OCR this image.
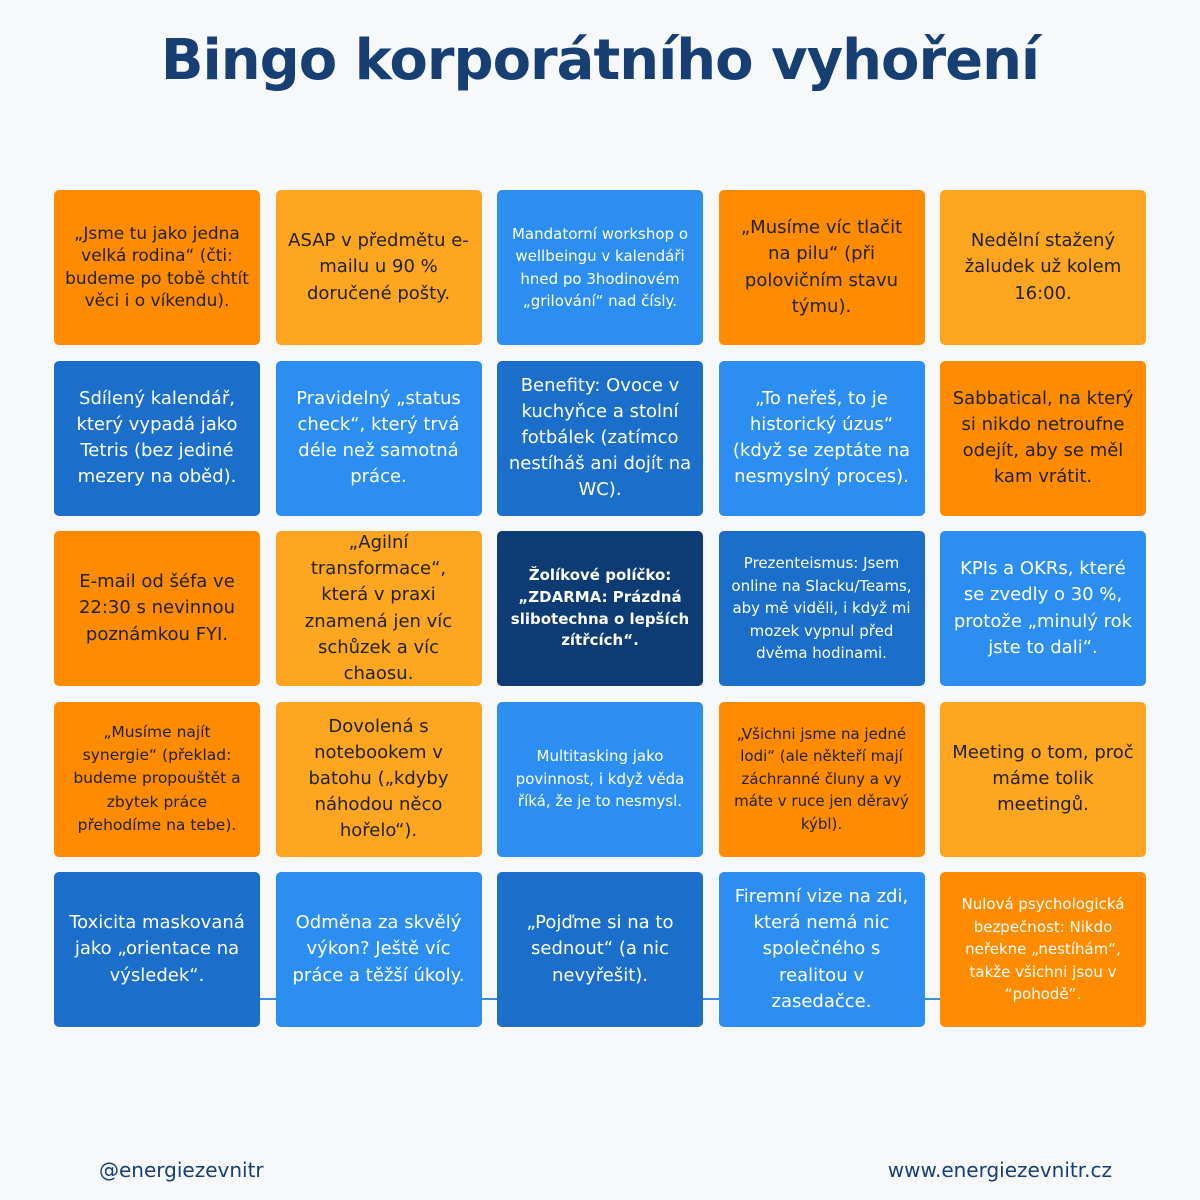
Bingo korporátního vyhoření
„Jsme tu jako jedna velká rodina“ (čti: budeme po tobě chtít věci i o víkendu).
ASAP v předmětu e-mailu u 90 % doručené pošty.
Mandatorní workshop o wellbeingu v kalendáři hned po 3hodinovém „grilování“ nad čísly.
„Musíme víc tlačit na pilu“ (při polovičním stavu týmu).
Nedělní stažený žaludek už kolem 16:00.
Sdílený kalendář, který vypadá jako Tetris (bez jediné mezery na oběd).
Pravidelný „status check“, který trvá déle než samotná práce.
Benefity: Ovoce v kuchyňce a stolní fotbálek (zatímco nestíháš ani dojít na WC).
„To neřeš, to je historický úzus“ (když se zeptáte na nesmyslný proces).
Sabbatical, na který si nikdo netroufne odejít, aby se měl kam vrátit.
E-mail od šéfa ve 22:30 s nevinnou poznámkou FYI.
„Agilní transformace“, která v praxi znamená jen víc schůzek a víc chaosu.
Žolíkové políčko: „ZDARMA: Prázdná slibotechna o lepších zítřcích“.
Prezenteismus: Jsem online na Slacku/Teams, aby mě viděli, i když mi mozek vypnul před dvěma hodinami.
KPIs a OKRs, které se zvedly o 30 %, protože „minulý rok jste to dali“.
„Musíme najít synergie“ (překlad: budeme propouštět a zbytek práce přehodíme na tebe).
Dovolená s notebookem v batohu („kdyby náhodou něco hořelo“).
Multitasking jako povinnost, i když věda říká, že je to nesmysl.
„Všichni jsme na jedné lodi“ (ale někteří mají záchranné čluny a vy máte v ruce jen děravý kýbl).
Meeting o tom, proč máme tolik meetingů.
Toxicita maskovaná jako „orientace na výsledek“.
Odměna za skvělý výkon? Ještě víc práce a těžší úkoly.
„Pojďme si na to sednout“ (a nic nevyřešit).
Firemní vize na zdi, která nemá nic společného s realitou v zasedačce.
Nulová psychologická bezpečnost: Nikdo neřekne „nestíhám“, takže všichni jsou v “pohodě”.
@energiezevnitr	www.energiezevnitr.cz
